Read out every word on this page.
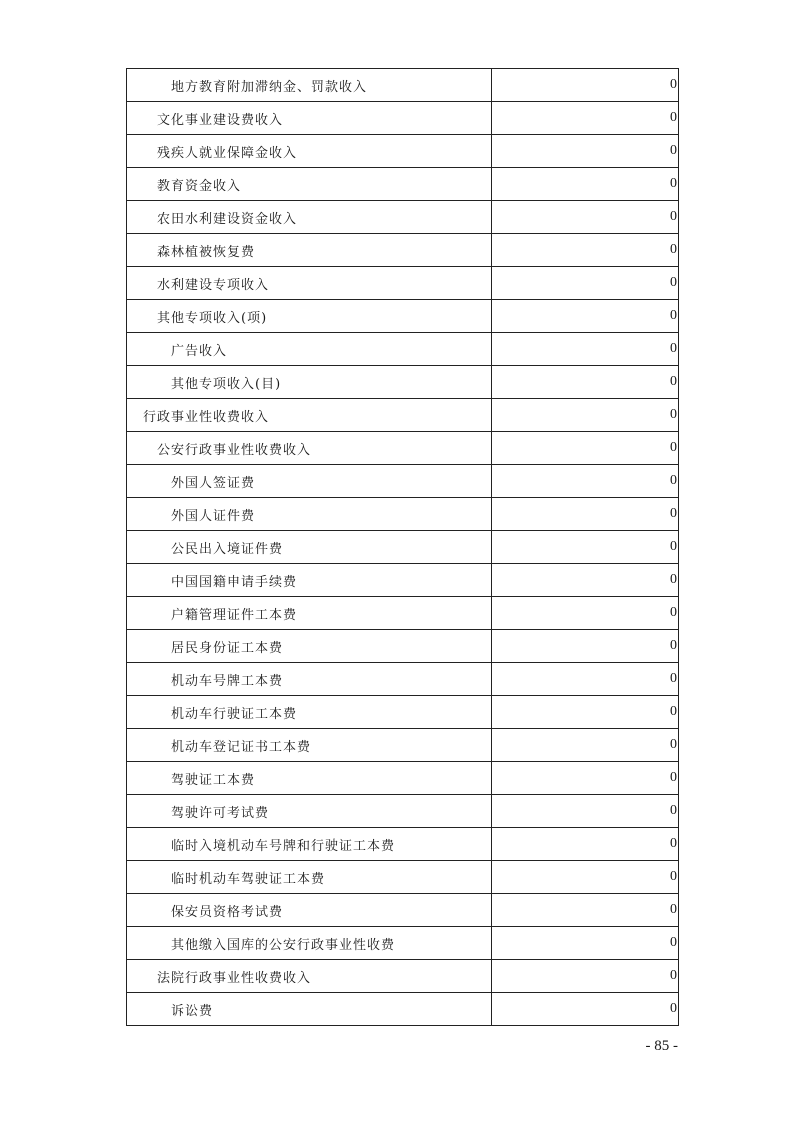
地方教育附加滞纳金、罚款收入	0
文化事业建设费收入	0
残疾人就业保障金收入	0
教育资金收入	0
农田水利建设资金收入	0
森林植被恢复费	0
水利建设专项收入	0
其他专项收入(项)	0
广告收入	0
其他专项收入(目)	0
行政事业性收费收入	0
公安行政事业性收费收入	0
外国人签证费	0
外国人证件费	0
公民出入境证件费	0
中国国籍申请手续费	0
户籍管理证件工本费	0
居民身份证工本费	0
机动车号牌工本费	0
机动车行驶证工本费	0
机动车登记证书工本费	0
驾驶证工本费	0
驾驶许可考试费	0
临时入境机动车号牌和行驶证工本费	0
临时机动车驾驶证工本费	0
保安员资格考试费	0
其他缴入国库的公安行政事业性收费	0
法院行政事业性收费收入	0
诉讼费	0
- 85 -
